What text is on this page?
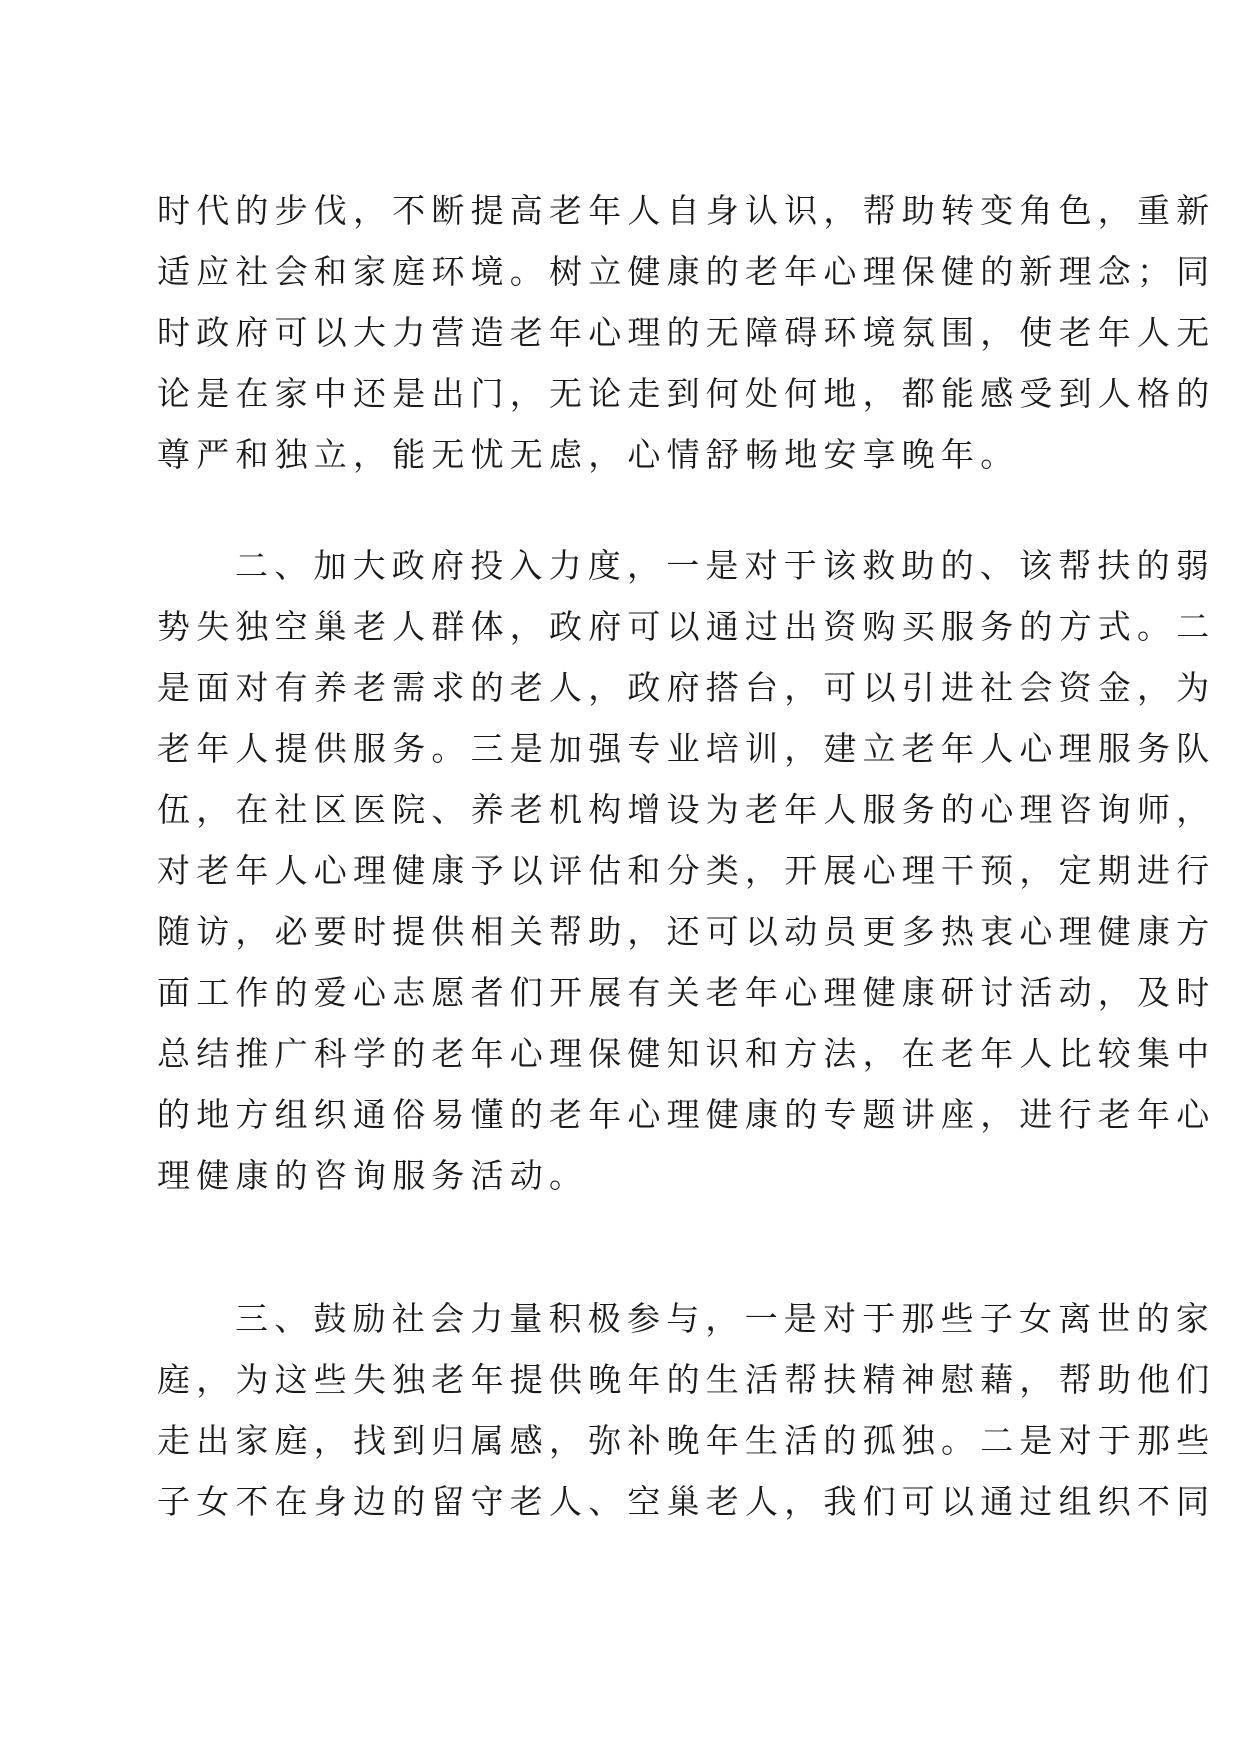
时代的步伐，不断提高老年人自身认识，帮助转变角色，重新
适应社会和家庭环境。树立健康的老年心理保健的新理念；同
时政府可以大力营造老年心理的无障碍环境氛围，使老年人无
论是在家中还是出门，无论走到何处何地，都能感受到人格的
尊严和独立，能无忧无虑，心情舒畅地安享晚年。
二、加大政府投入力度，一是对于该救助的、该帮扶的弱
势失独空巢老人群体，政府可以通过出资购买服务的方式。二
是面对有养老需求的老人，政府搭台，可以引进社会资金，为
老年人提供服务。三是加强专业培训，建立老年人心理服务队
伍，在社区医院、养老机构增设为老年人服务的心理咨询师，
对老年人心理健康予以评估和分类，开展心理干预，定期进行
随访，必要时提供相关帮助，还可以动员更多热衷心理健康方
面工作的爱心志愿者们开展有关老年心理健康研讨活动，及时
总结推广科学的老年心理保健知识和方法，在老年人比较集中
的地方组织通俗易懂的老年心理健康的专题讲座，进行老年心
理健康的咨询服务活动。
三、鼓励社会力量积极参与，一是对于那些子女离世的家
庭，为这些失独老年提供晚年的生活帮扶精神慰藉，帮助他们
走出家庭，找到归属感，弥补晚年生活的孤独。二是对于那些
子女不在身边的留守老人、空巢老人，我们可以通过组织不同
